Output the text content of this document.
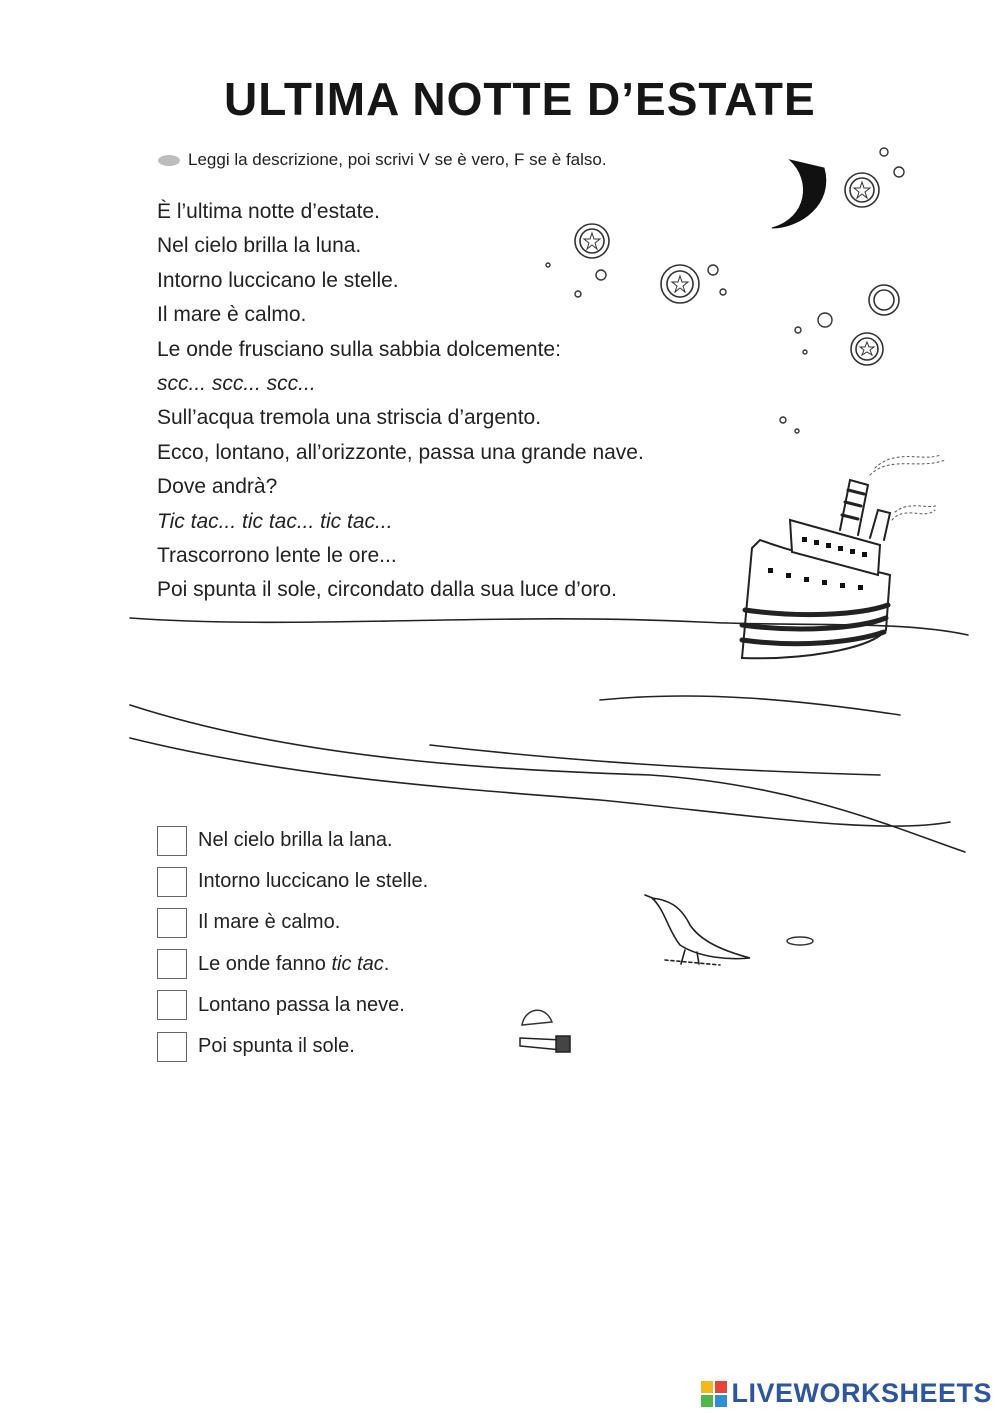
ULTIMA NOTTE D’ESTATE
Leggi la descrizione, poi scrivi V se è vero, F se è falso.
È l’ultima notte d’estate.
Nel cielo brilla la luna.
Intorno luccicano le stelle.
Il mare è calmo.
Le onde frusciano sulla sabbia dolcemente:
scc... scc... scc...
Sull’acqua tremola una striscia d’argento.
Ecco, lontano, all’orizzonte, passa una grande nave.
Dove andrà?
Tic tac... tic tac... tic tac...
Trascorrono lente le ore...
Poi spunta il sole, circondato dalla sua luce d’oro.
Nel cielo brilla la lana.
Intorno luccicano le stelle.
Il mare è calmo.
Le onde fanno
tic tac .
Lontano passa la neve.
Poi spunta il sole.
LIVEWORKSHEETS
